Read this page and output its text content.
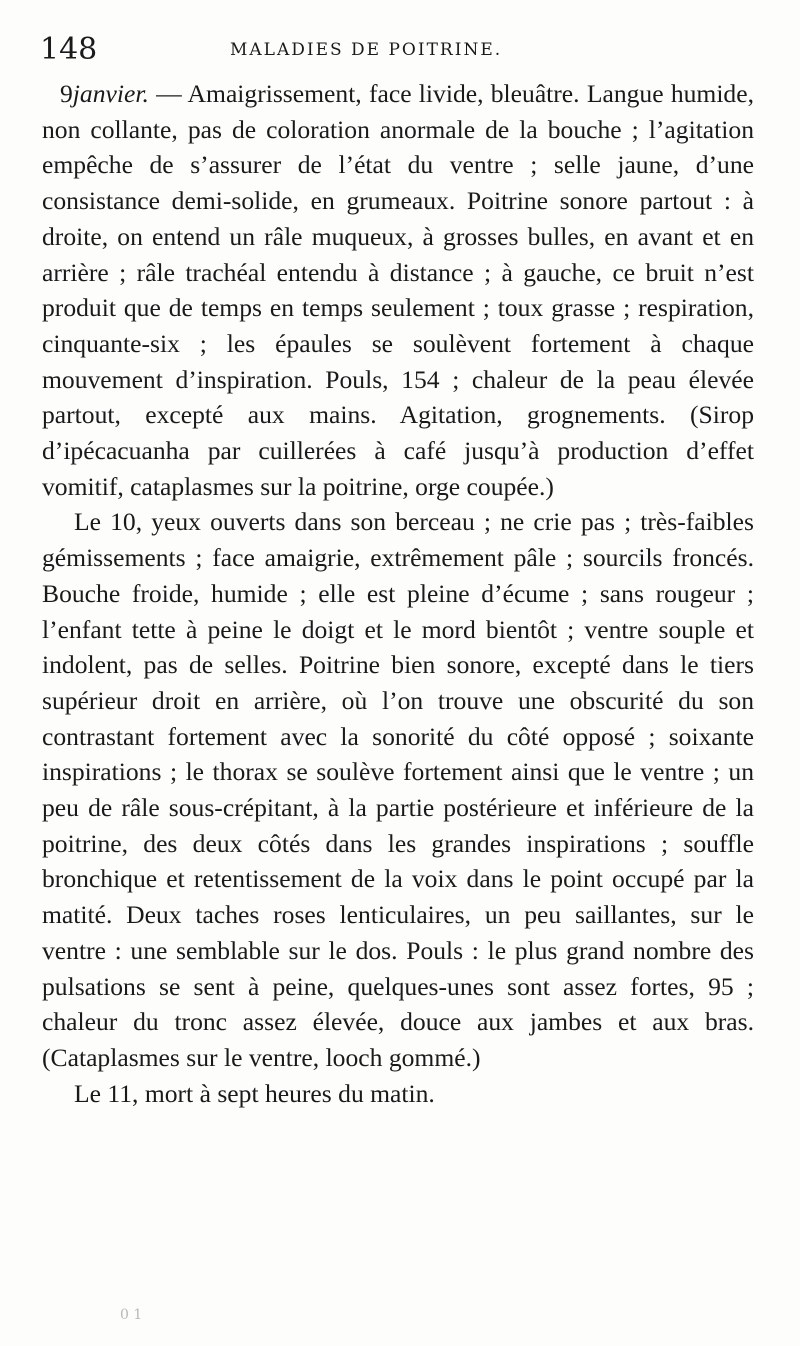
148	MALADIES DE POITRINE.

9janvier. — Amaigrissement, face livide, bleuâtre. Langue humide, non collante, pas de coloration anormale de la bouche ; l’agitation empêche de s’assurer de l’état du ventre ; selle jaune, d’une consistance demi-solide, en grumeaux. Poitrine sonore partout : à droite, on entend un râle muqueux, à grosses bulles, en avant et en arrière ; râle trachéal entendu à distance ; à gauche, ce bruit n’est produit que de temps en temps seulement ; toux grasse ; respiration, cinquante-six ; les épaules se soulèvent fortement à chaque mouvement d’inspiration. Pouls, 154 ; chaleur de la peau élevée partout, excepté aux mains. Agitation, grognements. (Sirop d’ipécacuanha par cuillerées à café jusqu’à production d’effet vomitif, cataplasmes sur la poitrine, orge coupée.)

Le 10, yeux ouverts dans son berceau ; ne crie pas ; très-faibles gémissements ; face amaigrie, extrêmement pâle ; sourcils froncés. Bouche froide, humide ; elle est pleine d’écume ; sans rougeur ; l’enfant tette à peine le doigt et le mord bientôt ; ventre souple et indolent, pas de selles. Poitrine bien sonore, excepté dans le tiers supérieur droit en arrière, où l’on trouve une obscurité du son contrastant fortement avec la sonorité du côté opposé ; soixante inspirations ; le thorax se soulève fortement ainsi que le ventre ; un peu de râle sous-crépitant, à la partie postérieure et inférieure de la poitrine, des deux côtés dans les grandes inspirations ; souffle bronchique et retentissement de la voix dans le point occupé par la matité. Deux taches roses lenticulaires, un peu saillantes, sur le ventre : une semblable sur le dos. Pouls : le plus grand nombre des pulsations se sent à peine, quelques-unes sont assez fortes, 95 ; chaleur du tronc assez élevée, douce aux jambes et aux bras. (Cataplasmes sur le ventre, looch gommé.)

Le 11, mort à sept heures du matin.

0 1
